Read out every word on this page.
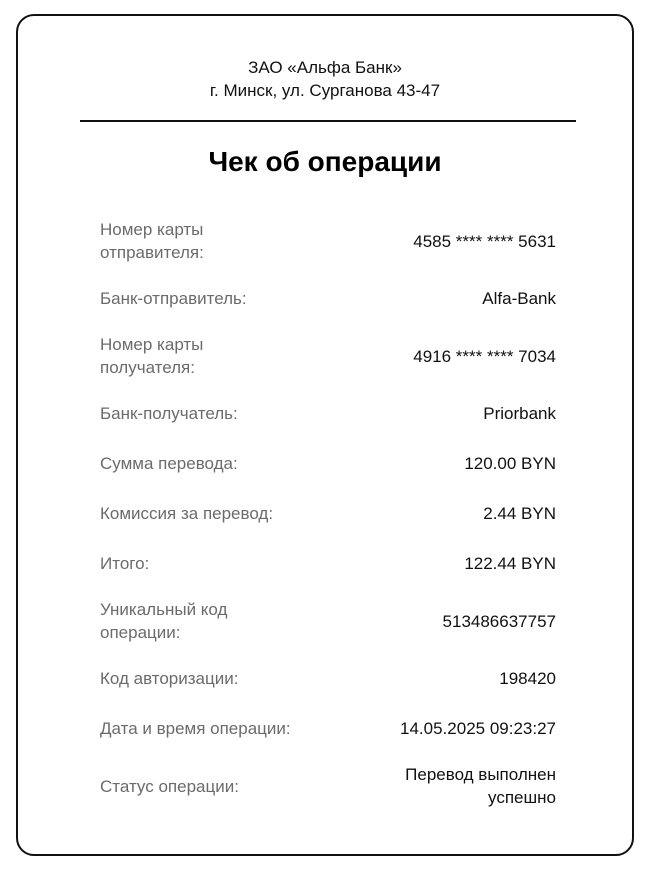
ЗАО «Альфа Банк»
г. Минск, ул. Сурганова 43-47
Чек об операции
Номер карты отправителя:
4585 **** **** 5631
Банк-отправитель:	Alfa-Bank
Номер карты получателя:
4916 **** **** 7034
Банк-получатель:	Priorbank
Сумма перевода:	120.00 BYN
Комиссия за перевод:	2.44 BYN
Итого:	122.44 BYN
Уникальный код операции:
513486637757
Код авторизации:	198420
Дата и время операции:	14.05.2025 09:23:27
Статус операции:
Перевод выполнен успешно
